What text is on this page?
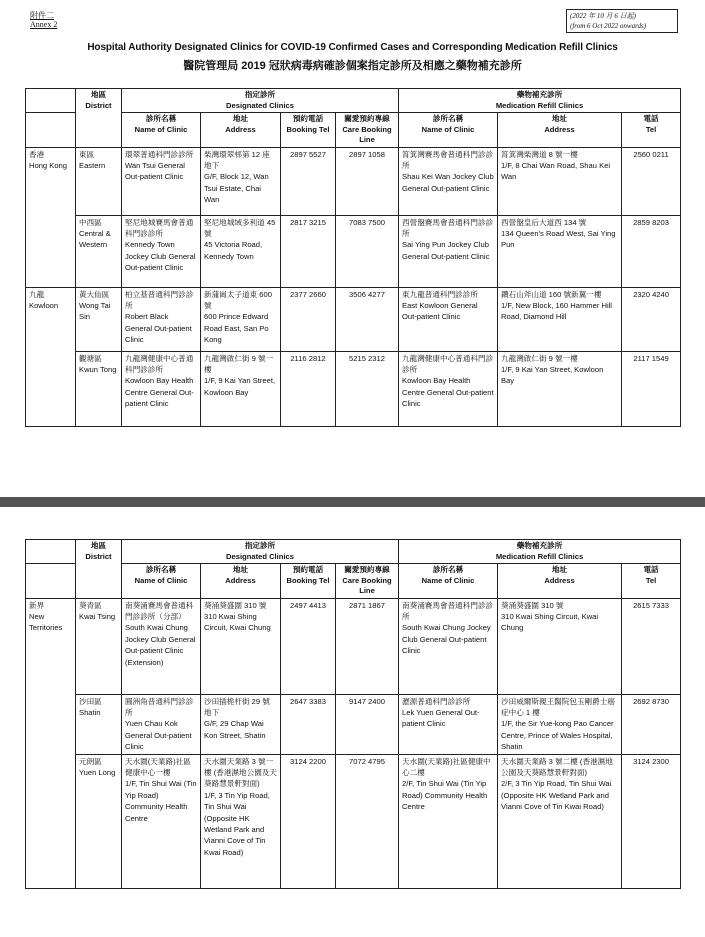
附件二
Annex 2
(2022 年 10 月 6 日起)
(from 6 Oct 2022 onwards)
Hospital Authority Designated Clinics for COVID-19 Confirmed Cases and Corresponding Medication Refill Clinics
醫院管理局 2019 冠狀病毒病確診個案指定診所及相應之藥物補充診所

	地區
District	指定診所
Designated Clinics				藥物補充診所
Medication Refill Clinics		

		診所名稱
Name of Clinic	地址
Address	預約電話
Booking Tel	關愛預約專線
Care Booking Line	診所名稱
Name of Clinic	地址
Address	電話
Tel

香港
Hong Kong	東區
Eastern	環翠普通科門診診所
Wan Tsui General Out-patient Clinic	柴灣環翠邨第 12 座地下
G/F, Block 12, Wan Tsui Estate, Chai Wan	2897 5527	2897 1058	筲箕灣賽馬會普通科門診診所
Shau Kei Wan Jockey Club General Out-patient Clinic	筲箕灣柴灣道 8 號一樓
1/F, 8 Chai Wan Road, Shau Kei Wan	2560 0211

	中西區
Central & Western	堅尼地城賽馬會普通科門診診所
Kennedy Town Jockey Club General Out-patient Clinic	堅尼地城域多利道 45 號
45 Victoria Road, Kennedy Town	2817 3215	7083 7500	西營盤賽馬會普通科門診診所
Sai Ying Pun Jockey Club General Out-patient Clinic	西營盤皇后大道西 134 號
134 Queen's Road West, Sai Ying Pun	2859 8203

九龍
Kowloon	黃大仙區
Wong Tai Sin	柏立基普通科門診診所
Robert Black General Out-patient Clinic	新蒲崗太子道東 600 號
600 Prince Edward Road East, San Po Kong	2377 2660	3506 4277	東九龍普通科門診診所
East Kowloon General Out-patient Clinic	鑽石山斧山道 160 號新翼一樓
1/F, New Block, 160 Hammer Hill Road, Diamond Hill	2320 4240

	觀塘區
Kwun Tong	九龍灣健康中心普通科門診診所
Kowloon Bay Health Centre General Out-patient Clinic	九龍灣啟仁街 9 號一樓
1/F, 9 Kai Yan Street, Kowloon Bay	2116 2812	5215 2312	九龍灣健康中心普通科門診診所
Kowloon Bay Health Centre General Out-patient Clinic	九龍灣啟仁街 9 號一樓
1/F, 9 Kai Yan Street, Kowloon Bay	2117 1549

	地區
District	指定診所
Designated Clinics				藥物補充診所
Medication Refill Clinics		

		診所名稱
Name of Clinic	地址
Address	預約電話
Booking Tel	關愛預約專線
Care Booking Line	診所名稱
Name of Clinic	地址
Address	電話
Tel

新界
New Territories	葵青區
Kwai Tsing	南葵涌賽馬會普通科門診診所（分部）
South Kwai Chung Jockey Club General Out-patient Clinic (Extension)	葵涌葵盛圍 310 號
310 Kwai Shing Circuit, Kwai Chung	2497 4413	2871 1867	南葵涌賽馬會普通科門診診所
South Kwai Chung Jockey Club General Out-patient Clinic	葵涌葵盛圍 310 號
310 Kwai Shing Circuit, Kwai Chung	2615 7333

	沙田區
Shatin	圓洲角普通科門診診所
Yuen Chau Kok General Out-patient Clinic	沙田插桅杆街 29 號地下
G/F, 29 Chap Wai Kon Street, Shatin	2647 3383	9147 2400	瀝源普通科門診診所
Lek Yuen General Out-patient Clinic	沙田威爾斯親王醫院包玉剛爵士癌症中心 1 樓
1/F, the Sir Yue-kong Pao Cancer Centre, Prince of Wales Hospital, Shatin	2692 8730

	元朗區
Yuen Long	天水圍(天業路)社區健康中心一樓
1/F, Tin Shui Wai (Tin Yip Road) Community Health Centre	天水圍天業路 3 號一樓 (香港濕地公園及天葵路慧景軒對面)
1/F, 3 Tin Yip Road, Tin Shui Wai (Opposite HK Wetland Park and Vianni Cove of Tin Kwai Road)	3124 2200	7072 4795	天水圍(天業路)社區健康中心二樓
2/F, Tin Shui Wai (Tin Yip Road) Community Health Centre	天水圍天業路 3 號二樓 (香港濕地公園及天葵路慧景軒對面)
2/F, 3 Tin Yip Road, Tin Shui Wai (Opposite HK Wetland Park and Vianni Cove of Tin Kwai Road)	3124 2300
